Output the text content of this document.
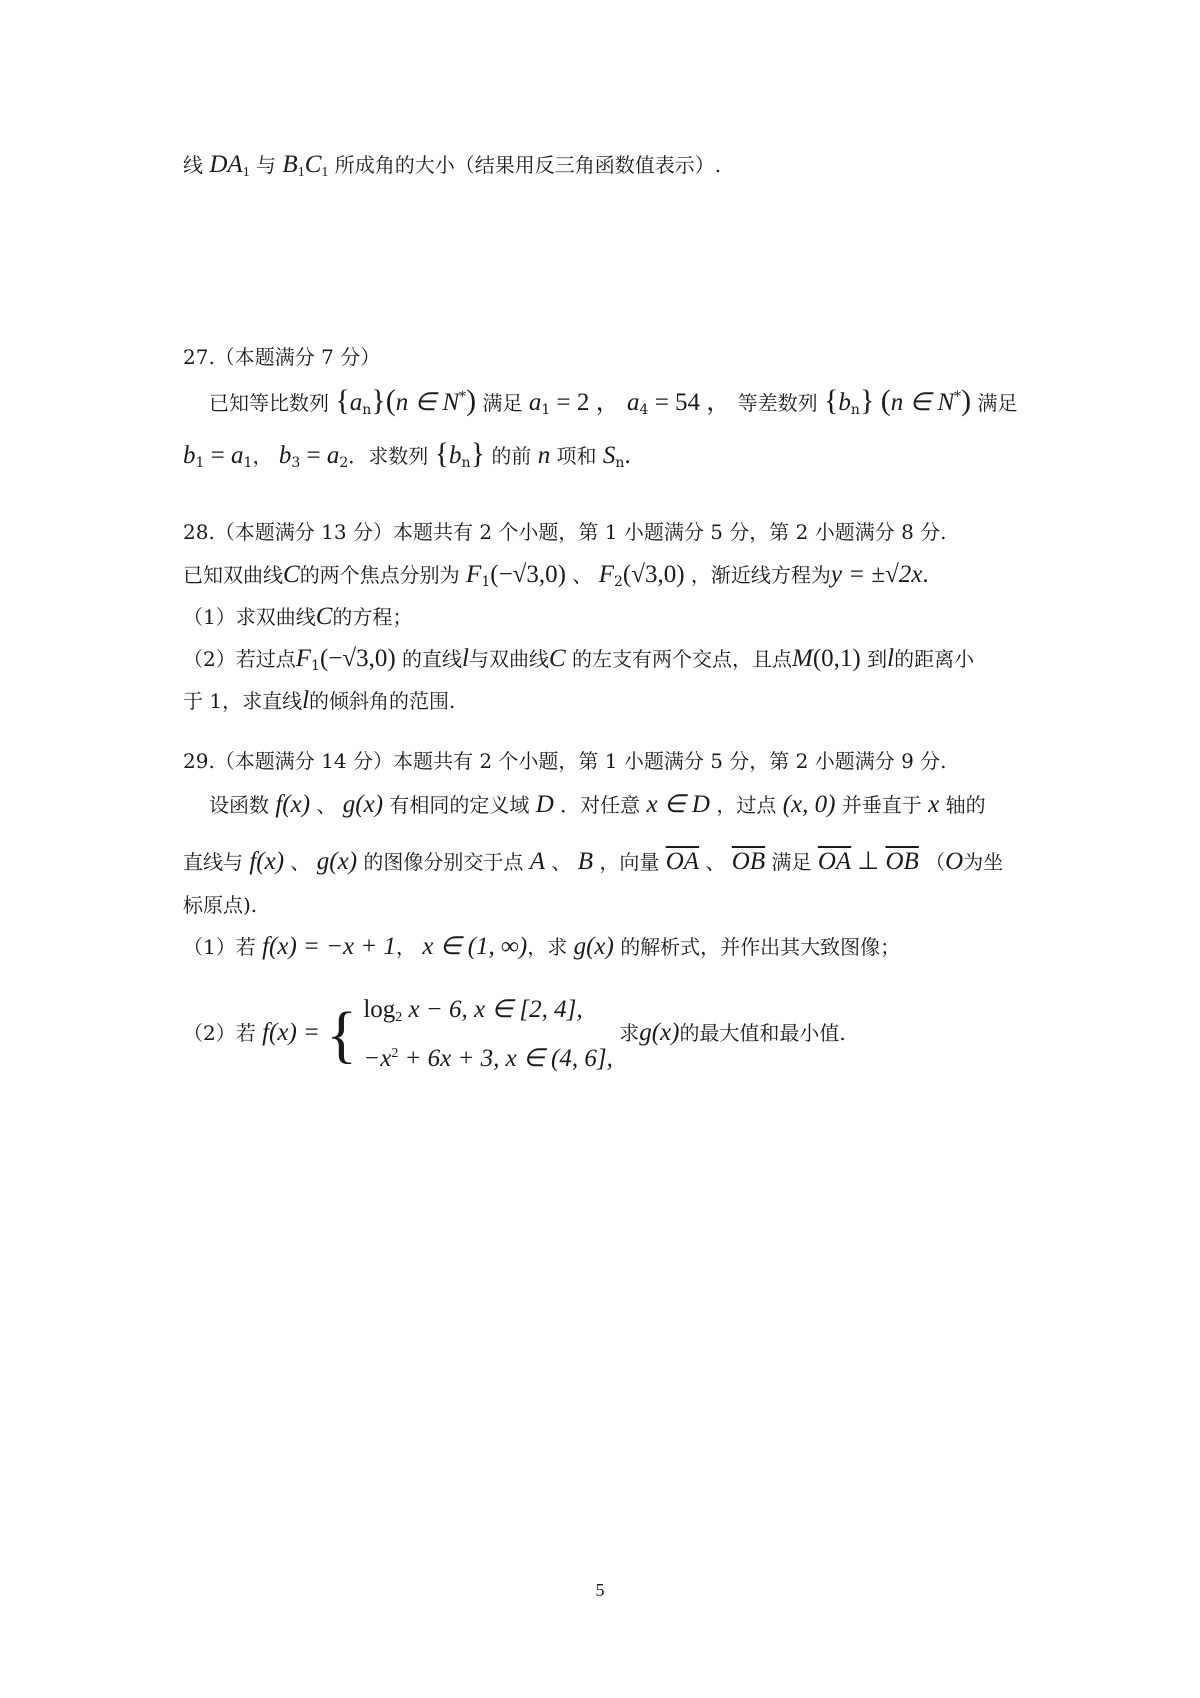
线 $DA_1$ 与 $B_1C_1$ 所成角的大小（结果用反三角函数值表示）.
27.（本题满分 7 分）
已知等比数列 $\{a_n\}(n$ ∈ N*) 满足 $a_1 = 2$ ， $a_4 = 54$ ， 等差数列 $\{b_n\}$ (n ∈ N*) 满足
$b_1 = a_1$， $b_3 = a_2$．求数列 $\{b_n\}$ 的前 n 项和 $S_n$.
28.（本题满分 13 分）本题共有 2 个小题，第 1 小题满分 5 分，第 2 小题满分 8 分.
已知双曲线C的两个焦点分别为 $F_1(-√3,0)$ 、 $F_2(√3,0)$ ，渐近线方程为y = ±√2x.
（1）求双曲线C的方程；
（2）若过点$F_1(-√3,0)$ 的直线l与双曲线C 的左支有两个交点，且点M(0,1) 到l的距离小
于 1，求直线l的倾斜角的范围.
29.（本题满分 14 分）本题共有 2 个小题，第 1 小题满分 5 分，第 2 小题满分 9 分.
设函数 f(x) 、 g(x) 有相同的定义域 D ．对任意 x ∈ D ，过点 (x, 0) 并垂直于 x 轴的
直线与 f(x) 、 g(x) 的图像分别交于点 A 、 B ，向量 $\overline{OA}$ 、 $\overline{OB}$ 满足 $\overline{OA}$ ⊥ $\overline{OB}$ （O为坐
标原点).
（1）若 f(x) = −x + 1， x ∈ (1, ∞)，求 g(x) 的解析式，并作出其大致图像；
（2）若 f(x) = { $\log_2 x - 6$, x ∈ [2, 4],
$-x^2 + 6x + 3$, x ∈ (4, 6],
求g(x)的最大值和最小值.
5
